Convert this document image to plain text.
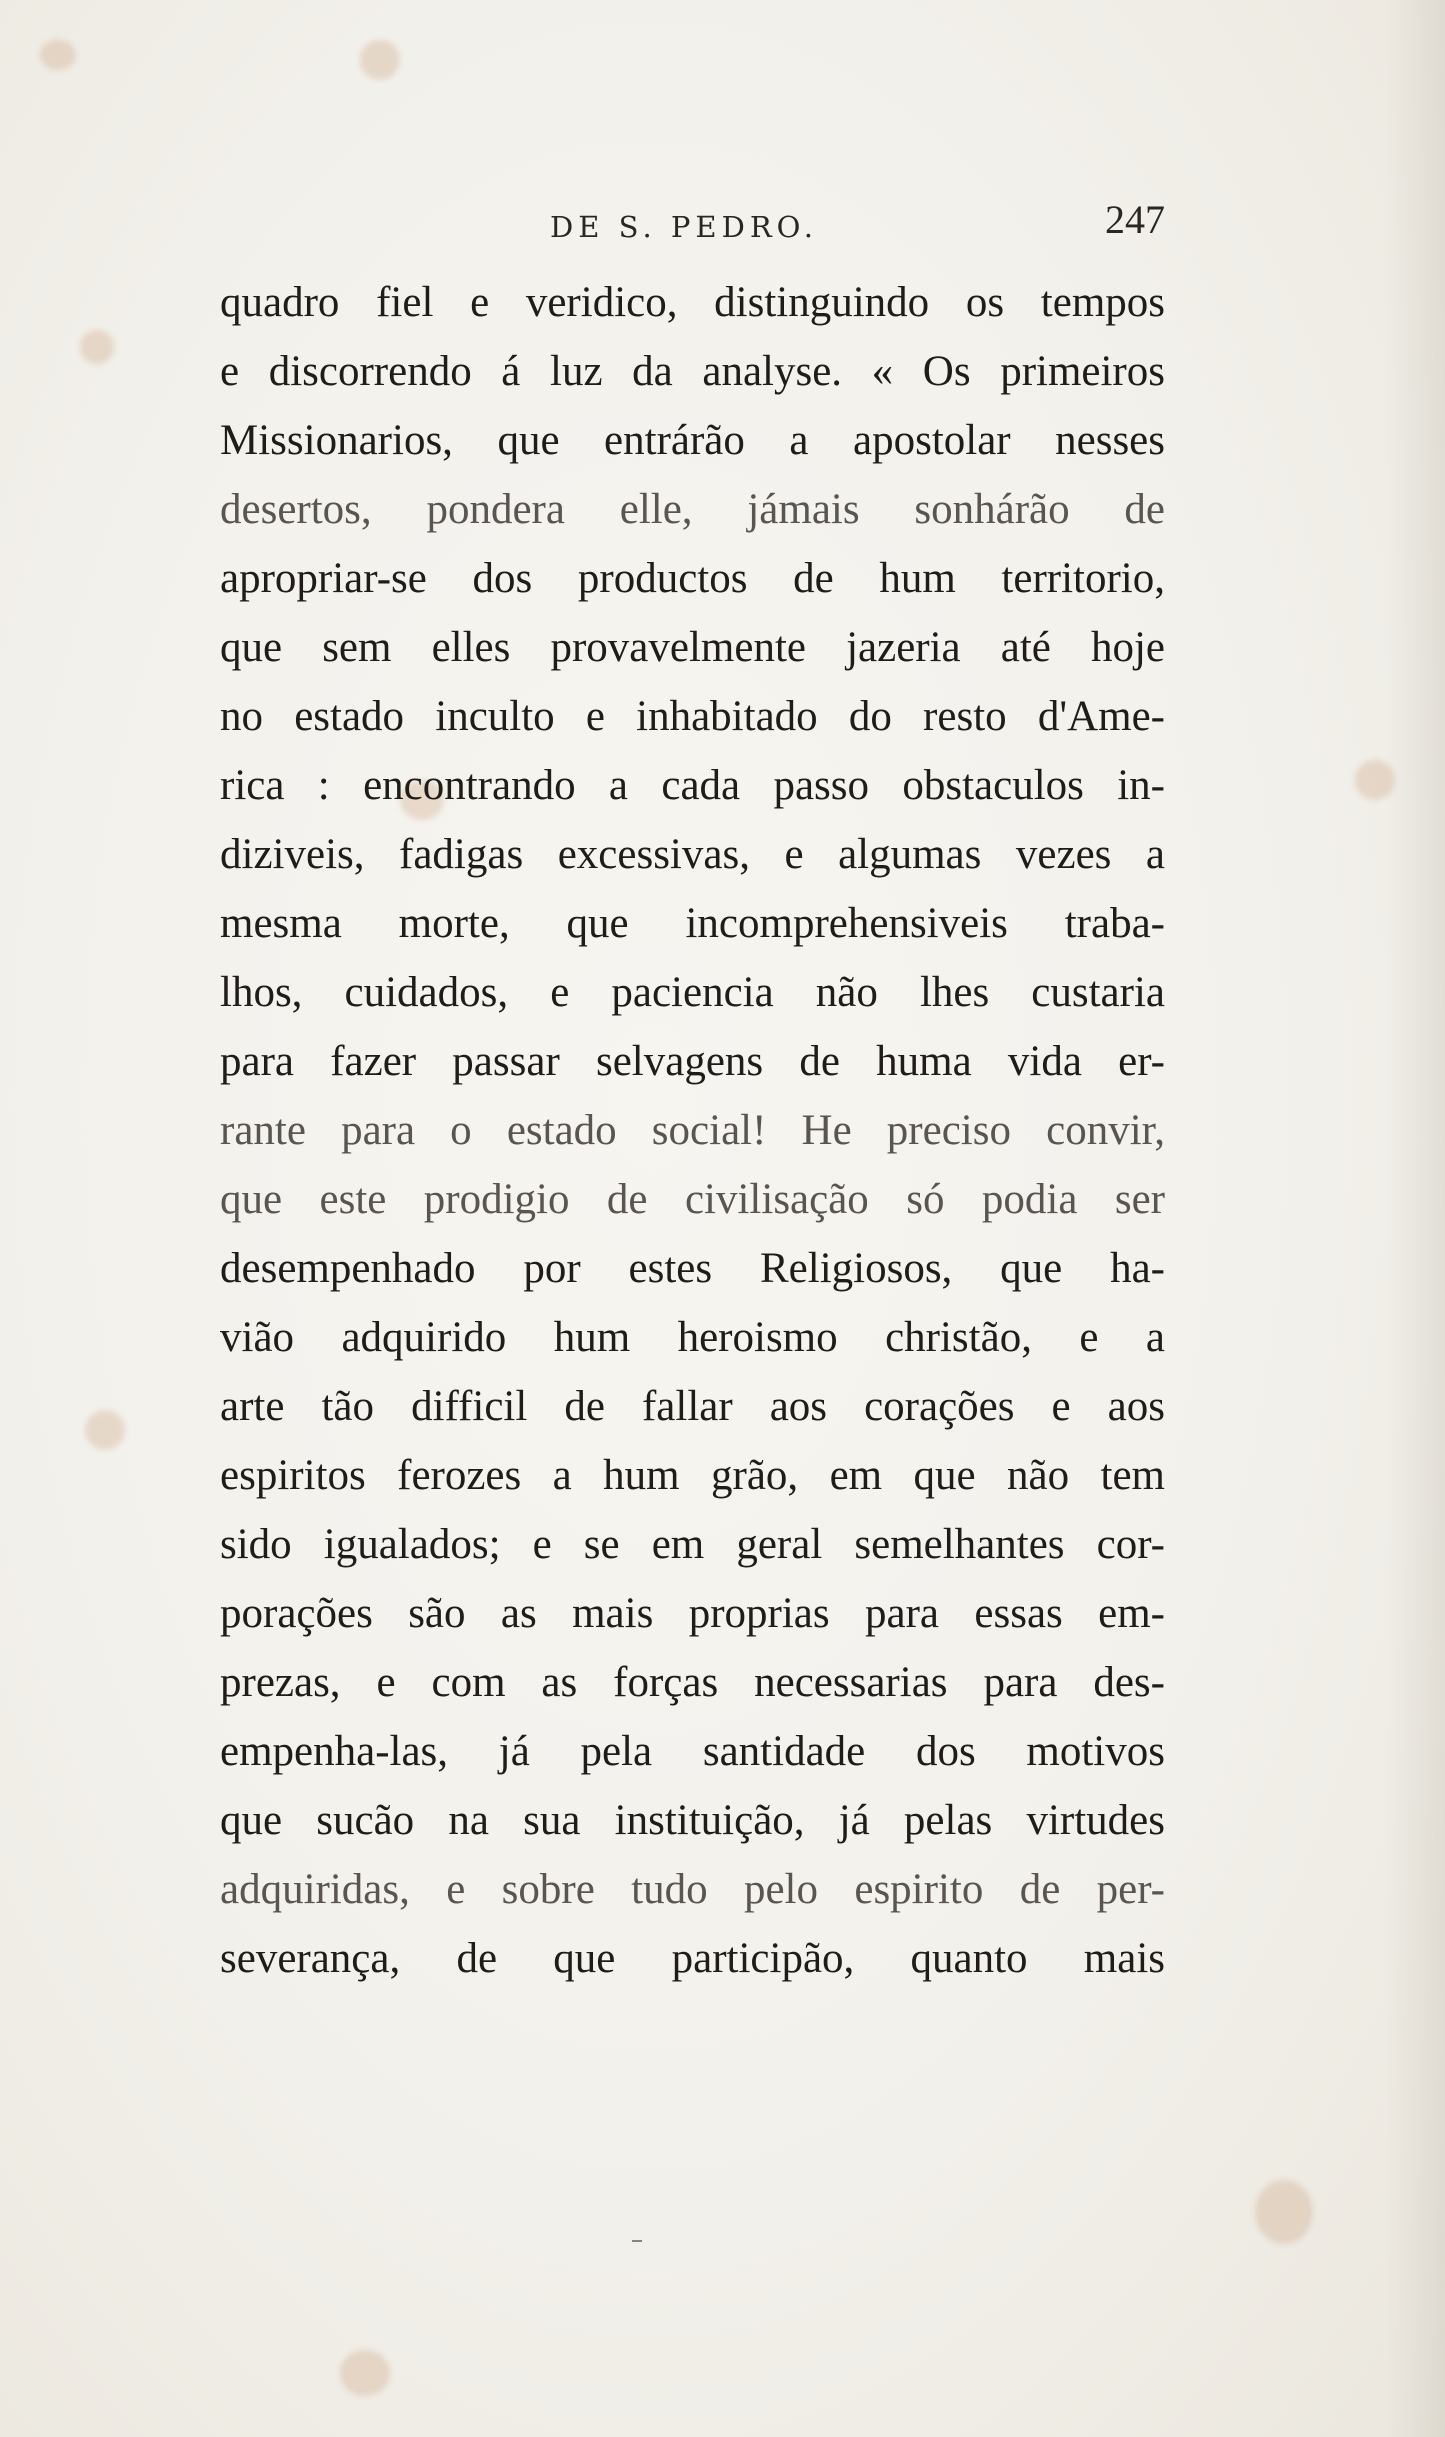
DE S. PEDRO.	247
quadro fiel e veridico, distinguindo os tempos
e discorrendo á luz da analyse. « Os primeiros
Missionarios, que entrárão a apostolar nesses
desertos, pondera elle, jámais sonhárão de
apropriar-se dos productos de hum territorio,
que sem elles provavelmente jazeria até hoje
no estado inculto e inhabitado do resto d'Ame-
rica : encontrando a cada passo obstaculos in-
diziveis, fadigas excessivas, e algumas vezes a
mesma morte, que incomprehensiveis traba-
lhos, cuidados, e paciencia não lhes custaria
para fazer passar selvagens de huma vida er-
rante para o estado social! He preciso convir,
que este prodigio de civilisação só podia ser
desempenhado por estes Religiosos, que ha-
vião adquirido hum heroismo christão, e a
arte tão difficil de fallar aos corações e aos
espiritos ferozes a hum grão, em que não tem
sido igualados; e se em geral semelhantes cor-
porações são as mais proprias para essas em-
prezas, e com as forças necessarias para des-
empenha-las, já pela santidade dos motivos
que sucão na sua instituição, já pelas virtudes
adquiridas, e sobre tudo pelo espirito de per-
severança, de que participão, quanto mais
